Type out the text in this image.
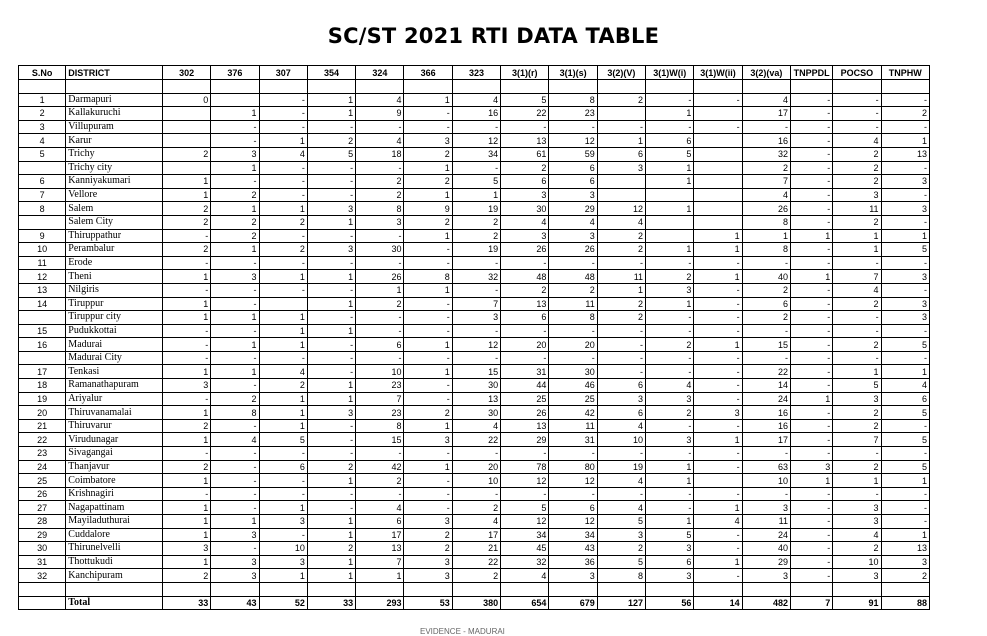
SC/ST 2021 RTI DATA TABLE
S.No	DISTRICT	302	376	307	354	324	366	323	3(1)(r)	3(1)(s)	3(2)(V)	3(1)W(i)	3(1)W(ii)	3(2)(va)	TNPPDL	POCSO	TNPHW

1	Darmapuri	0		-	1	4	1	4	5	8	2	-	-	4	-	-	-
2	Kallakuruchi		1	-	1	9	-	16	22	23		1		17	-	-	2
3	Villupuram		-	-	-	-	-	-	-	-	-	-	-	-	-	-	-
4	Karur		-	1	2	4	3	12	13	12	1	6		16	-	4	1
5	Trichy	2	3	4	5	18	2	34	61	59	6	5		32	-	2	13
	Trichy city		1	-	-	-	1	-	2	6	3	1		2	-	2	-
6	Kanniyakumari	1	-	-	-	2	2	5	6	6		1		7	-	2	3
7	Vellore	1	2	-	-	2	1	1	3	3				4	-	3	-
8	Salem	2	1	1	3	8	9	19	30	29	12	1		26	-	11	3
	Salem City	2	2	2	1	3	2	2	4	4	4			8	-	2	-
9	Thiruppathur	-	2	-	-	-	1	2	3	3	2		1	1	1	1	1
10	Perambalur	2	1	2	3	30	-	19	26	26	2	1	1	8	-	1	5
11	Erode	-	-	-	-	-	-	-	-	-	-	-	-	-	-	-	-
12	Theni	1	3	1	1	26	8	32	48	48	11	2	1	40	1	7	3
13	Nilgiris	-	-	-	-	1	1	-	2	2	1	3	-	2	-	4	-
14	Tiruppur	1	-		1	2	-	7	13	11	2	1	-	6	-	2	3
	Tiruppur city	1	1	1	-	-	-	3	6	8	2	-	-	2	-	-	3
15	Pudukkottai	-	-	1	1	-	-	-	-	-	-	-	-	-	-	-	-
16	Madurai	-	1	1	-	6	1	12	20	20	-	2	1	15	-	2	5
	Madurai City	-	-	-	-	-	-	-	-	-	-	-	-	-	-	-	-
17	Tenkasi	1	1	4	-	10	1	15	31	30	-	-	-	22	-	1	1
18	Ramanathapuram	3	-	2	1	23	-	30	44	46	6	4	-	14	-	5	4
19	Ariyalur	-	2	1	1	7	-	13	25	25	3	3	-	24	1	3	6
20	Thiruvanamalai	1	8	1	3	23	2	30	26	42	6	2	3	16	-	2	5
21	Thiruvarur	2	-	1	-	8	1	4	13	11	4	-	-	16	-	2	-
22	Virudunagar	1	4	5	-	15	3	22	29	31	10	3	1	17	-	7	5
23	Sivagangai	-	-	-	-	-	-	-	-	-	-	-	-	-	-	-	-
24	Thanjavur	2	-	6	2	42	1	20	78	80	19	1	-	63	3	2	5
25	Coimbatore	1	-	-	1	2	-	10	12	12	4	1		10	1	1	1
26	Krishnagiri	-	-	-	-	-	-	-	-	-	-	-	-	-	-	-	-
27	Nagapattinam	1	-	1	-	4	-	2	5	6	4	-	1	3	-	3	-
28	Mayiladuthurai	1	1	3	1	6	3	4	12	12	5	1	4	11	-	3	-
29	Cuddalore	1	3	-	1	17	2	17	34	34	3	5	-	24	-	4	1
30	Thirunelvelli	3	-	10	2	13	2	21	45	43	2	3	-	40	-	2	13
31	Thottukudi	1	3	3	1	7	3	22	32	36	5	6	1	29	-	10	3
32	Kanchipuram	2	3	1	1	1	3	2	4	3	8	3	-	3	-	3	2

	Total	33	43	52	33	293	53	380	654	679	127	56	14	482	7	91	88
EVIDENCE - MADURAI
